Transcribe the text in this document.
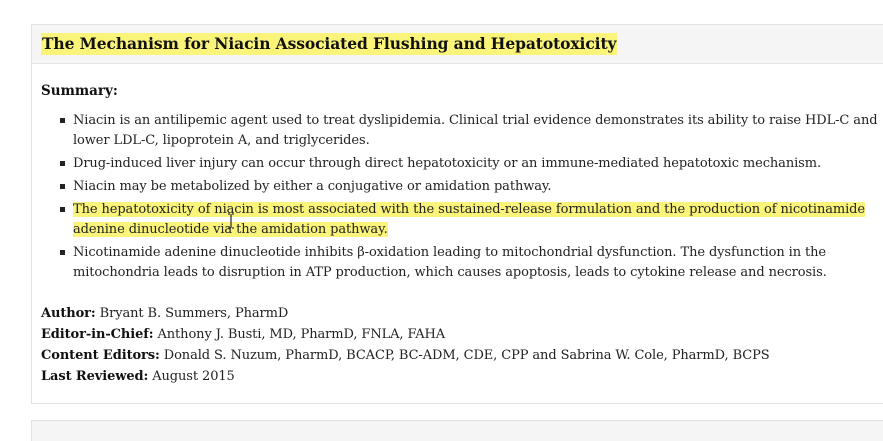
The Mechanism for Niacin Associated Flushing and Hepatotoxicity
Summary:
Niacin is an antilipemic agent used to treat dyslipidemia. Clinical trial evidence demonstrates its ability to raise HDL-C and lower LDL-C, lipoprotein A, and triglycerides.
Drug-induced liver injury can occur through direct hepatotoxicity or an immune-mediated hepatotoxic mechanism.
Niacin may be metabolized by either a conjugative or amidation pathway.
The hepatotoxicity of niacin is most associated with the sustained-release formulation and the production of nicotinamide adenine dinucleotide via the amidation pathway.
Nicotinamide adenine dinucleotide inhibits β-oxidation leading to mitochondrial dysfunction. The dysfunction in the mitochondria leads to disruption in ATP production, which causes apoptosis, leads to cytokine release and necrosis.
Author: Bryant B. Summers, PharmD
Editor-in-Chief: Anthony J. Busti, MD, PharmD, FNLA, FAHA
Content Editors: Donald S. Nuzum, PharmD, BCACP, BC-ADM, CDE, CPP and Sabrina W. Cole, PharmD, BCPS
Last Reviewed: August 2015
